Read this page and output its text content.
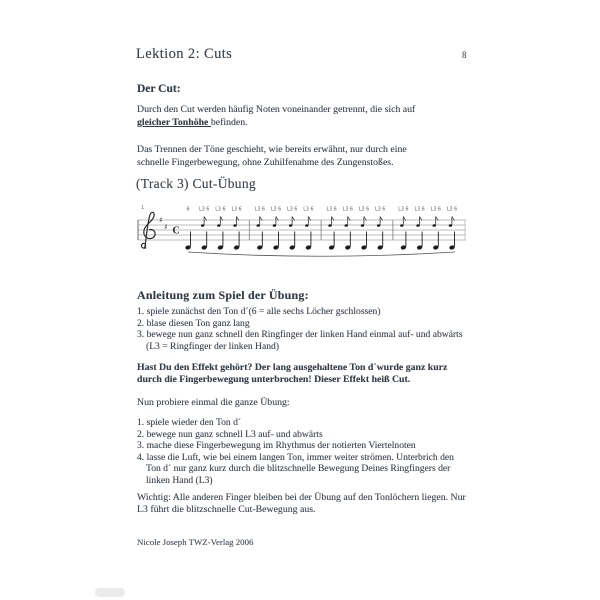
Lektion 2: Cuts	8
Der Cut:
Durch den Cut werden häufig Noten voneinander getrennt, die sich auf
gleicher Tonhöhe befinden.
Das Trennen der Töne geschieht, wie bereits erwähnt, nur durch eine
schnelle Fingerbewegung, ohne Zuhilfenahme des Zungenstoßes.
(Track 3) Cut-Übung
1
♯
♯ C
6 L3 6 L3 6 L3 6	L3 6 L3 6 L3 6 L3 6	L3 6 L3 6 L3 6 L3 6	L3 6 L3 6 L3 6 L3 6
Anleitung zum Spiel der Übung:
1. spiele zunächst den Ton d´(6 = alle sechs Löcher gschlossen)
2. blase diesen Ton ganz lang
3. bewege nun ganz schnell den Ringfinger der linken Hand einmal auf- und abwärts
(L3 = Ringfinger der linken Hand)
Hast Du den Effekt gehört? Der lang ausgehaltene Ton d´wurde ganz kurz
durch die Fingerbewegung unterbrochen! Dieser Effekt heiß Cut.
Nun probiere einmal die ganze Übung:
1. spiele wieder den Ton d´
2. bewege nun ganz schnell L3 auf- und abwärts
3. mache diese Fingerbewegung im Rhythmus der notierten Viertelnoten
4. lasse die Luft, wie bei einem langen Ton, immer weiter strömen. Unterbrich den
Ton d´ nur ganz kurz durch die blitzschnelle Bewegung Deines Ringfingers der
linken Hand (L3)
Wichtig: Alle anderen Finger bleiben bei der Übung auf den Tonlöchern liegen. Nur
L3 führt die blitzschnelle Cut-Bewegung aus.
Nicole Joseph TWZ-Verlag 2006
